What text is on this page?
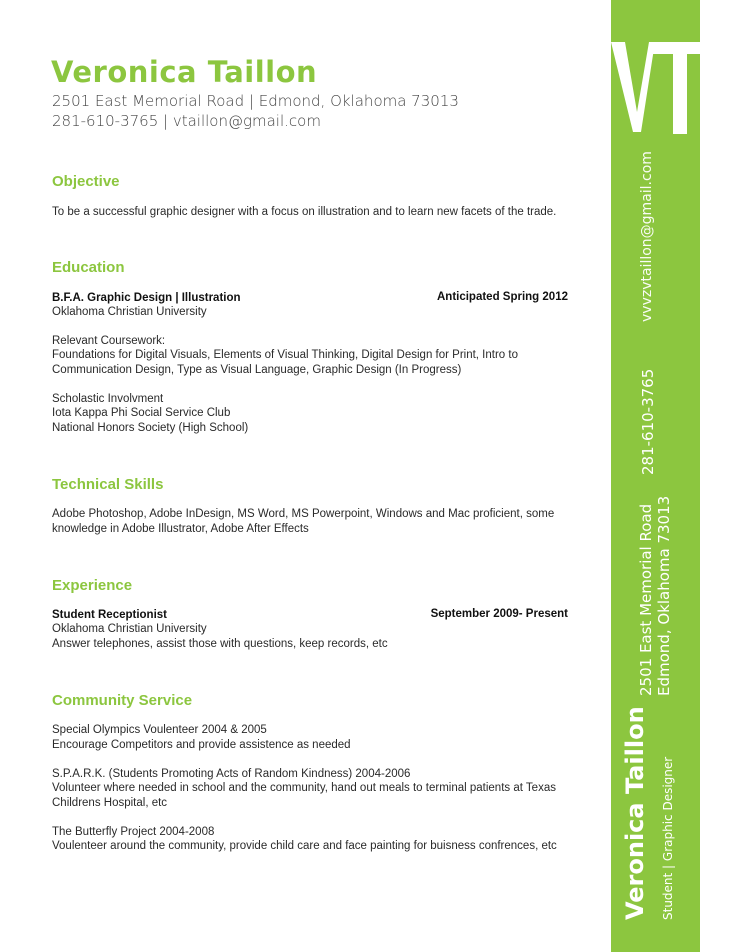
Veronica Taillon
2501 East Memorial Road | Edmond, Oklahoma 73013
281-610-3765 | vtaillon@gmail.com
Objective
To be a successful graphic designer with a focus on illustration and to learn new facets of the trade.
Education
B.F.A. Graphic Design | Illustration	Anticipated Spring 2012
Oklahoma Christian University
Relevant Coursework:
Foundations for Digital Visuals, Elements of Visual Thinking, Digital Design for Print, Intro to
Communication Design, Type as Visual Language, Graphic Design (In Progress)
Scholastic Involvment
Iota Kappa Phi Social Service Club
National Honors Society (High School)
Technical Skills
Adobe Photoshop, Adobe InDesign, MS Word, MS Powerpoint, Windows and Mac proficient, some
knowledge in Adobe Illustrator, Adobe After Effects
Experience
Student Receptionist	September 2009- Present
Oklahoma Christian University
Answer telephones, assist those with questions, keep records, etc
Community Service
Special Olympics Voulenteer 2004 & 2005
Encourage Competitors and provide assistence as needed
S.P.A.R.K. (Students Promoting Acts of Random Kindness) 2004-2006
Volunteer where needed in school and the community, hand out meals to terminal patients at Texas
Childrens Hospital, etc
The Butterfly Project 2004-2008
Voulenteer around the community, provide child care and face painting for buisness confrences, etc
vvvzvtaillon@gmail.com
281-610-3765
2501 East Memorial Road Edmond, Oklahoma 73013
Veronica Taillon Student | Graphic Designer
